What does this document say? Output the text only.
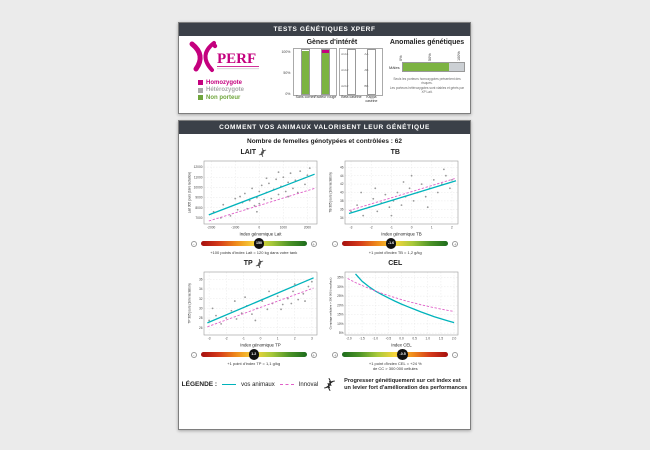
TESTS GÉNÉTIQUES XPERF
PERF
Homozygote
Hétérozygote
Non porteur
Gènes d'intérêt
100%
50%
0%
Sans cornes Facteur rouge
A1A1
A1A2
A2A2
Beta caséine
AA
AB
BB
Kappa caséine
Anomalies génétiques
0%	50%	100%
Mâles
Seuls les porteurs homozygotes présentent des risques.
Les porteurs hétérozygotes sont viables et gérés par XP Lait.
COMMENT VOS ANIMAUX VALORISENT LEUR GÉNÉTIQUE
Nombre de femelles génotypées et contrôlées : 62
LAIT
-2000	-1000	0	1000	2000
7000
8000
9000
10000
11000
12000
Index génomique Lait
Lait 305 jours (1ère lactation)
-	+
150
+100 points d'index Lait = 120 kg dans votre tank
TB
-3	-2	-1	0	1	2
34
36
38
40
42
44
46
Index génomique TB
TB 305 jours (1ère lactation)
-	+
-1.6
+1 point d'index TB = 1,2 g/kg
TP
-3	-2	-1	0	1	2	3
26
28
30
32
34
36
Index génomique TP
TP 305 jours (1ère lactation)
-	+
1.2
+1 point d'index TP = 1,1 g/kg
CEL
-2.0 -1.5 -1.0 -0.5	0.0	0.5	1.0	1.5	2.0
5%
10%
15%
20%
25%
30%
35%
Index CEL
Comptage cellulaire > 300 000 (moy/lact.)
+	-
-0.5
+1 point d'index CEL = +24 %
de CC > 300 000 cellules
LÉGENDE :	vos animaux	Innoval
Progresser génétiquement sur cet index est
un levier fort d'amélioration des performances
